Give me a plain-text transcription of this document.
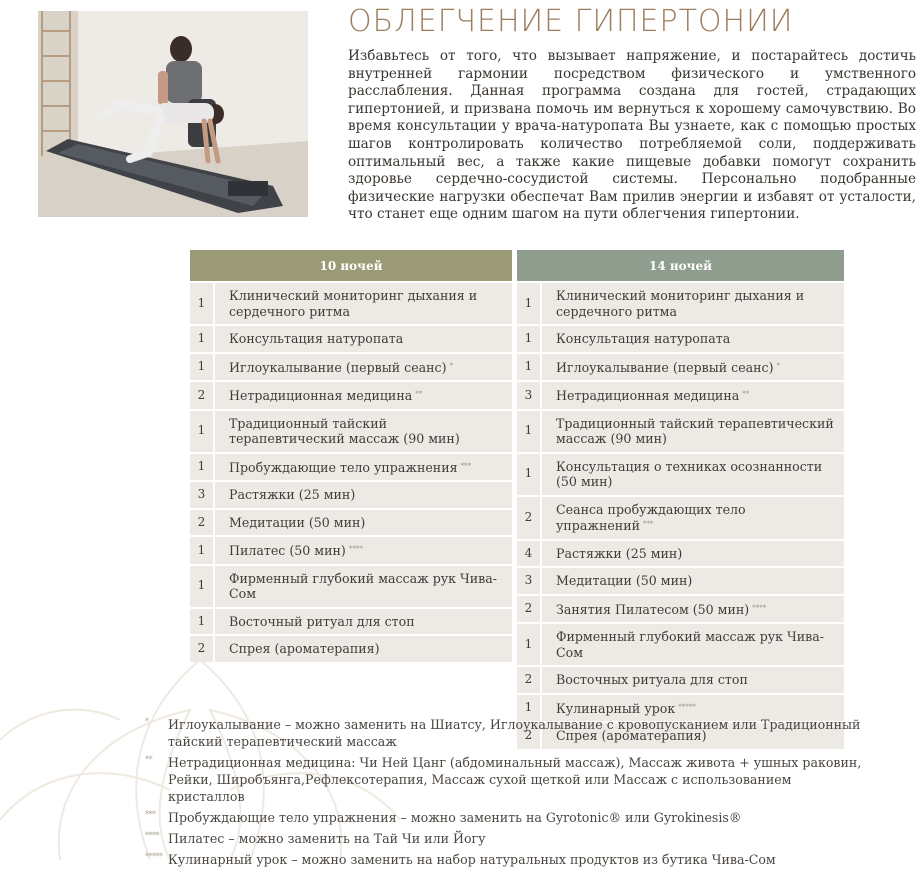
ОБЛЕГЧЕНИЕ ГИПЕРТОНИИ

Избавьтесь от того, что вызывает напряжение, и постарайтесь достичь внутренней гармонии посредством физического и умственного расслабления. Данная программа создана для гостей, страдающих гипертонией, и призвана помочь им вернуться к хорошему самочувствию. Во время консультации у врача-натуропата Вы узнаете, как с помощью простых шагов контролировать количество потребляемой соли, поддерживать оптимальный вес, а также какие пищевые добавки помогут сохранить здоровье сердечно-сосудистой системы. Персонально подобранные физические нагрузки обеспечат Вам прилив энергии и избавят от усталости, что станет еще одним шагом на пути облегчения гипертонии.

10 ночей	
1	Клинический мониторинг дыхания и сердечного ритма
1	Консультация натуропата
1	Иглоукалывание (первый сеанс) *
2	Нетрадиционная медицина **
1	Традиционный тайский терапевтический массаж (90 мин)
1	Пробуждающие тело упражнения ***
3	Растяжки (25 мин)
2	Медитации (50 мин)
1	Пилатес (50 мин) ****
1	Фирменный глубокий массаж рук Чива-Сом
1	Восточный ритуал для стоп
2	Спрея (ароматерапия)
14 ночей	
1	Клинический мониторинг дыхания и сердечного ритма
1	Консультация натуропата
1	Иглоукалывание (первый сеанс) *
3	Нетрадиционная медицина **
1	Традиционный тайский терапевтический массаж (90 мин)
1	Консультация о техниках осознанности (50 мин)
2	Сеанса пробуждающих тело упражнений ***
4	Растяжки (25 мин)
3	Медитации (50 мин)
2	Занятия Пилатесом (50 мин) ****
1	Фирменный глубокий массаж рук Чива-Сом
2	Восточных ритуала для стоп
1	Кулинарный урок *****
2	Спрея (ароматерапия)
* Иглоукалывание – можно заменить на Шиатсу, Иглоукалывание с кровопусканием или Традиционный тайский терапевтический массаж
** Нетрадиционная медицина: Чи Ней Цанг (абдоминальный массаж), Массаж живота + ушных раковин, Рейки, Широбъянга,Рефлексотерапия, Массаж сухой щеткой или Массаж с использованием кристаллов
*** Пробуждающие тело упражнения – можно заменить на Gyrotonic® или Gyrokinesis®
**** Пилатес – можно заменить на Тай Чи или Йогу
***** Кулинарный урок – можно заменить на набор натуральных продуктов из бутика Чива-Сом
